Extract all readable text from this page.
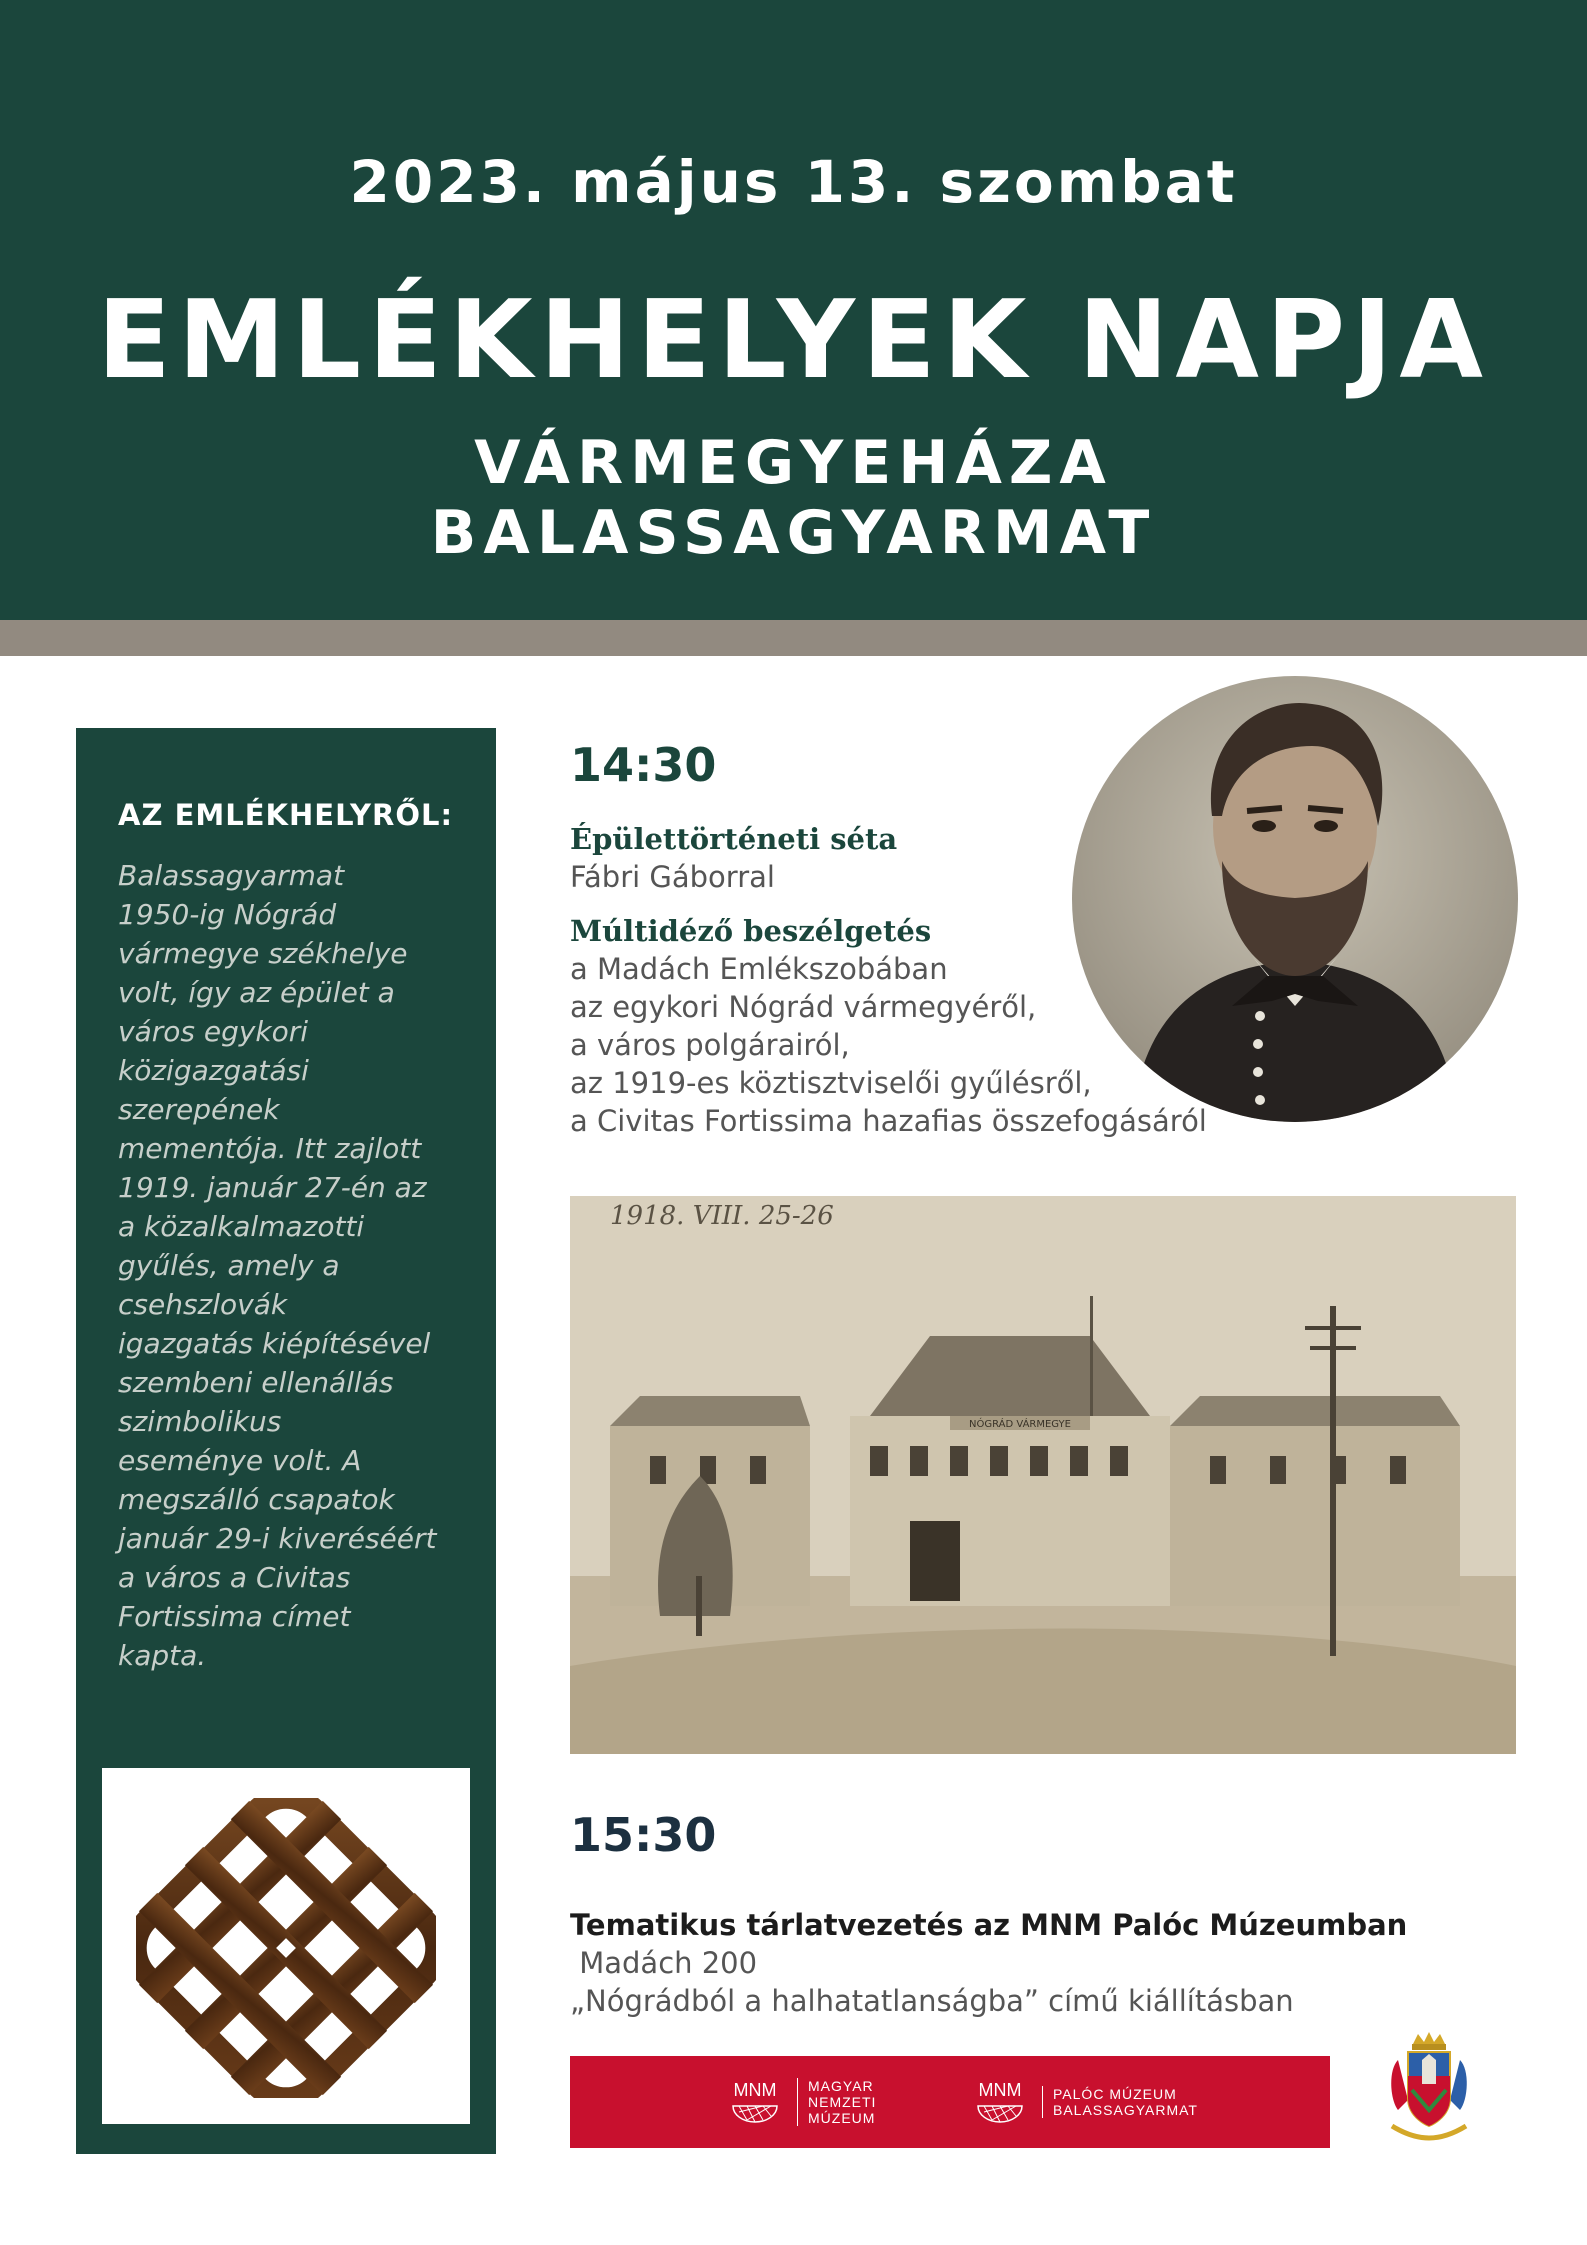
2023. május 13. szombat
EMLÉKHELYEK NAPJA
VÁRMEGYEHÁZA
BALASSAGYARMAT
AZ EMLÉKHELYRŐL:
Balassagyarmat
1950-ig Nógrád
vármegye székhelye
volt, így az épület a
város egykori
közigazgatási
szerepének
mementója. Itt zajlott
1919. január 27-én az
a közalkalmazotti
gyűlés, amely a
csehszlovák
igazgatás kiépítésével
szembeni ellenállás
szimbolikus
eseménye volt. A
megszálló csapatok
január 29-i kiveréséért
a város a Civitas
Fortissima címet
kapta.
14:30
Épülettörténeti séta
Fábri Gáborral
Múltidéző beszélgetés
a Madách Emlékszobában
az egykori Nógrád vármegyéről,
a város polgárairól,
az 1919-es köztisztviselői gyűlésről,
a Civitas Fortissima hazafias összefogásáról
NÓGRÁD VÁRMEGYE
1918. VIII. 25-26
15:30
Tematikus tárlatvezetés az MNM Palóc Múzeumban
Madách 200
„Nógrádból a halhatatlanságba” című kiállításban
MNM MAGYAR
NEMZETI
MÚZEUM
MNM PALÓC MÚZEUM
BALASSAGYARMAT
